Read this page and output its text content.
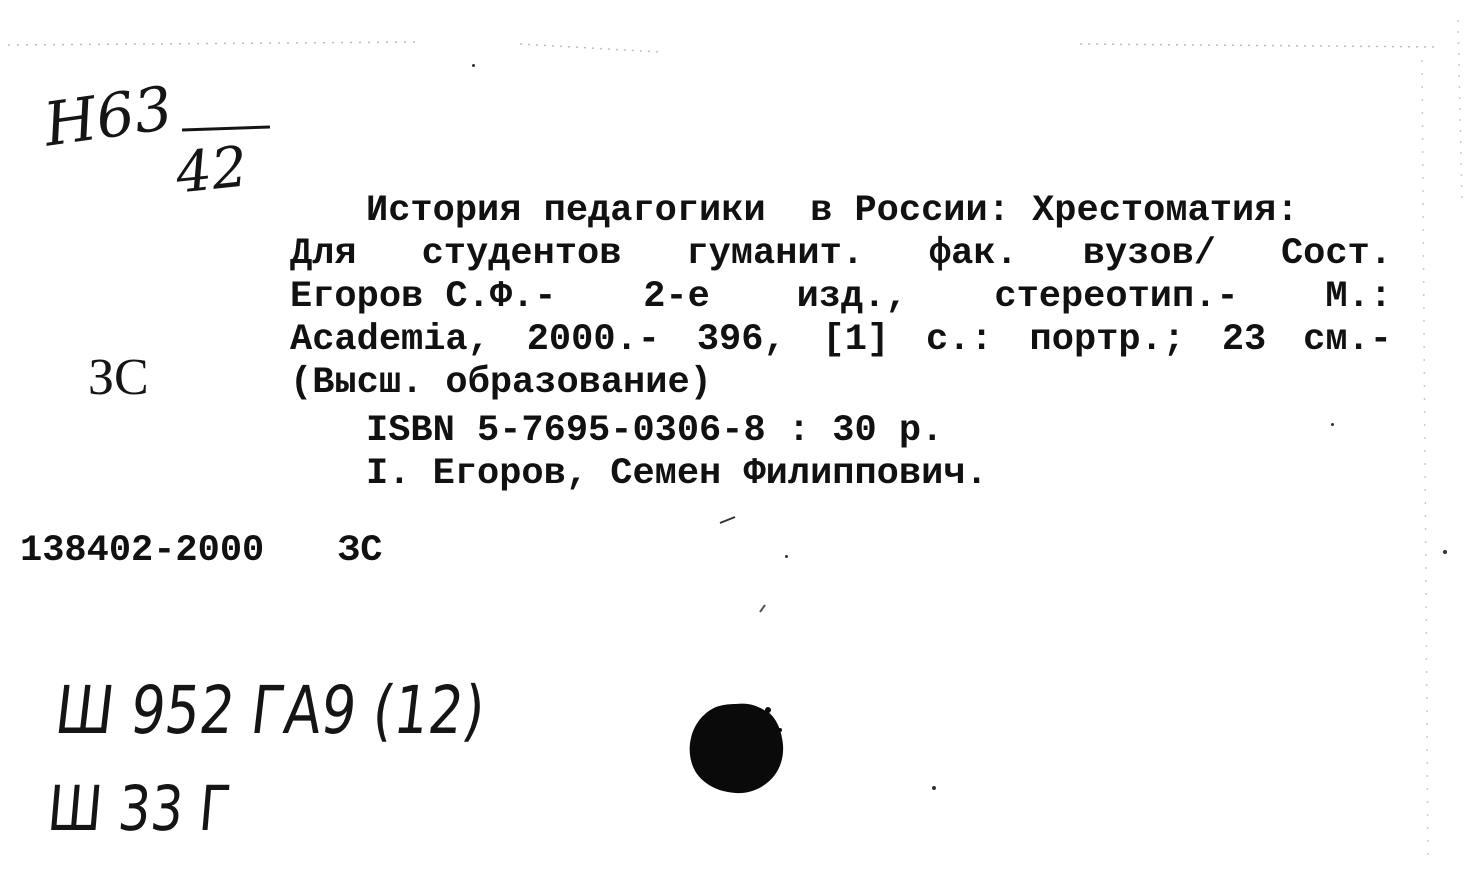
Н63
42
ЗС
История педагогики  в России: Хрестоматия:
Для студентов гуманит. фак. вузов/ Сост.
Егоров С.Ф.- 2-е изд., стереотип.- М.:
Academia, 2000.- 396, [1] с.: портр.; 23 см.-
(Высш. образование)
ISBN 5-7695-0306-8 : 30 р.
I. Егоров, Семен Филиппович.
138402-2000 ЗС
Ш 952 ГА9 (12)
Ш 33 Г
